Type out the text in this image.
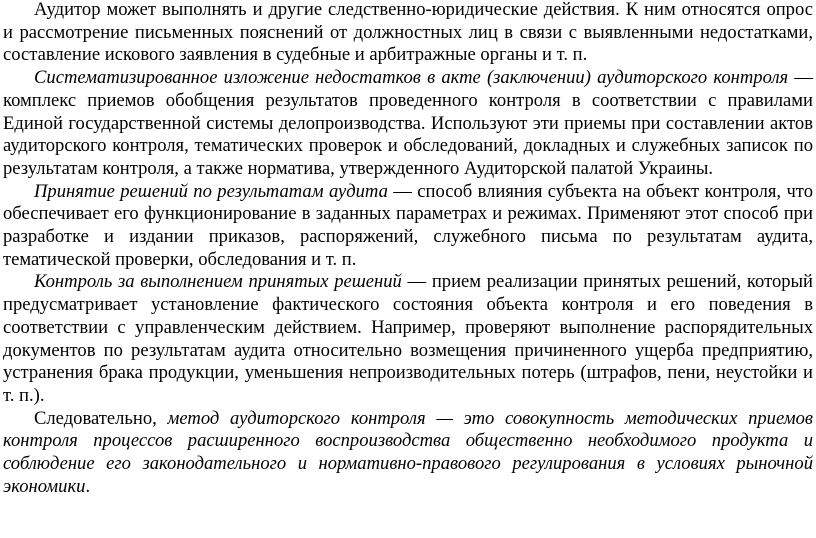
Аудитор может выполнять и другие следственно-юридические действия. К ним относятся опрос и рассмотрение письменных пояснений от должностных лиц в связи с выявленными недостатками, составление искового заявления в судебные и арбитражные органы и т. п.

Систематизированное изложение недостатков в акте (заключении) аудиторского контроля — комплекс приемов обобщения результатов проведенного контроля в соответствии с правилами Единой государственной системы делопроизводства. Используют эти приемы при составлении актов аудиторского контроля, тематических проверок и обследований, докладных и служебных записок по результатам контроля, а также норматива, утвержденного Аудиторской палатой Украины.

Принятие решений по результатам аудита — способ влияния субъекта на объект контроля, что обеспечивает его функционирование в заданных параметрах и режимах. Применяют этот способ при разработке и издании приказов, распоряжений, служебного письма по результатам аудита, тематической проверки, обследования и т. п.

Контроль за выполнением принятых решений — прием реализации принятых решений, который предусматривает установление фактического состояния объекта контроля и его поведения в соответствии с управленческим действием. Например, проверяют выполнение распорядительных документов по результатам аудита относительно возмещения причиненного ущерба предприятию, устранения брака продукции, уменьшения непроизводительных потерь (штрафов, пени, неустойки и т. п.).

Следовательно, метод аудиторского контроля — это совокупность методических приемов контроля процессов расширенного воспроизводства общественно необходимого продукта и соблюдение его законодательного и нормативно-правового регулирования в условиях рыночной экономики.
